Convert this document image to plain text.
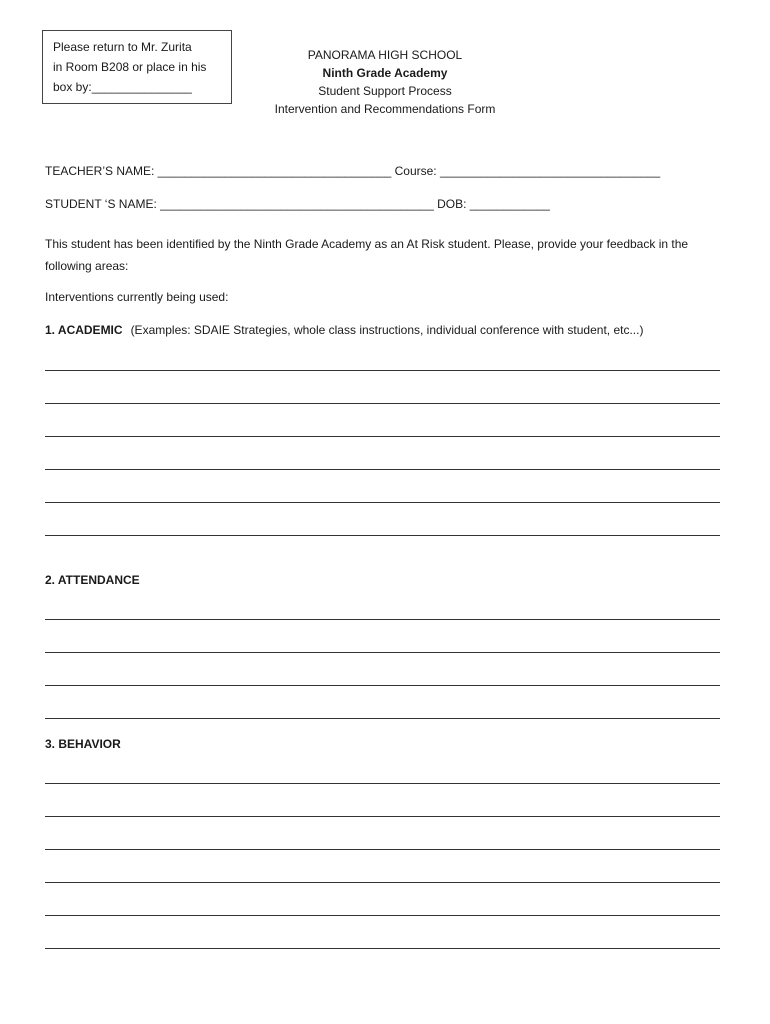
Please return to Mr. Zurita
in Room B208 or place in his
box by:_______________
PANORAMA HIGH SCHOOL
Ninth Grade Academy
Student Support Process
Intervention and Recommendations Form
TEACHER’S NAME: ___________________________________ Course: _________________________________
STUDENT ‘S NAME: _________________________________________ DOB: ____________
This student has been identified by the Ninth Grade Academy as an At Risk student. Please, provide your feedback in the following areas:
Interventions currently being used:
1. ACADEMIC (Examples: SDAIE Strategies, whole class instructions, individual conference with student, etc...)
2. ATTENDANCE
3. BEHAVIOR
